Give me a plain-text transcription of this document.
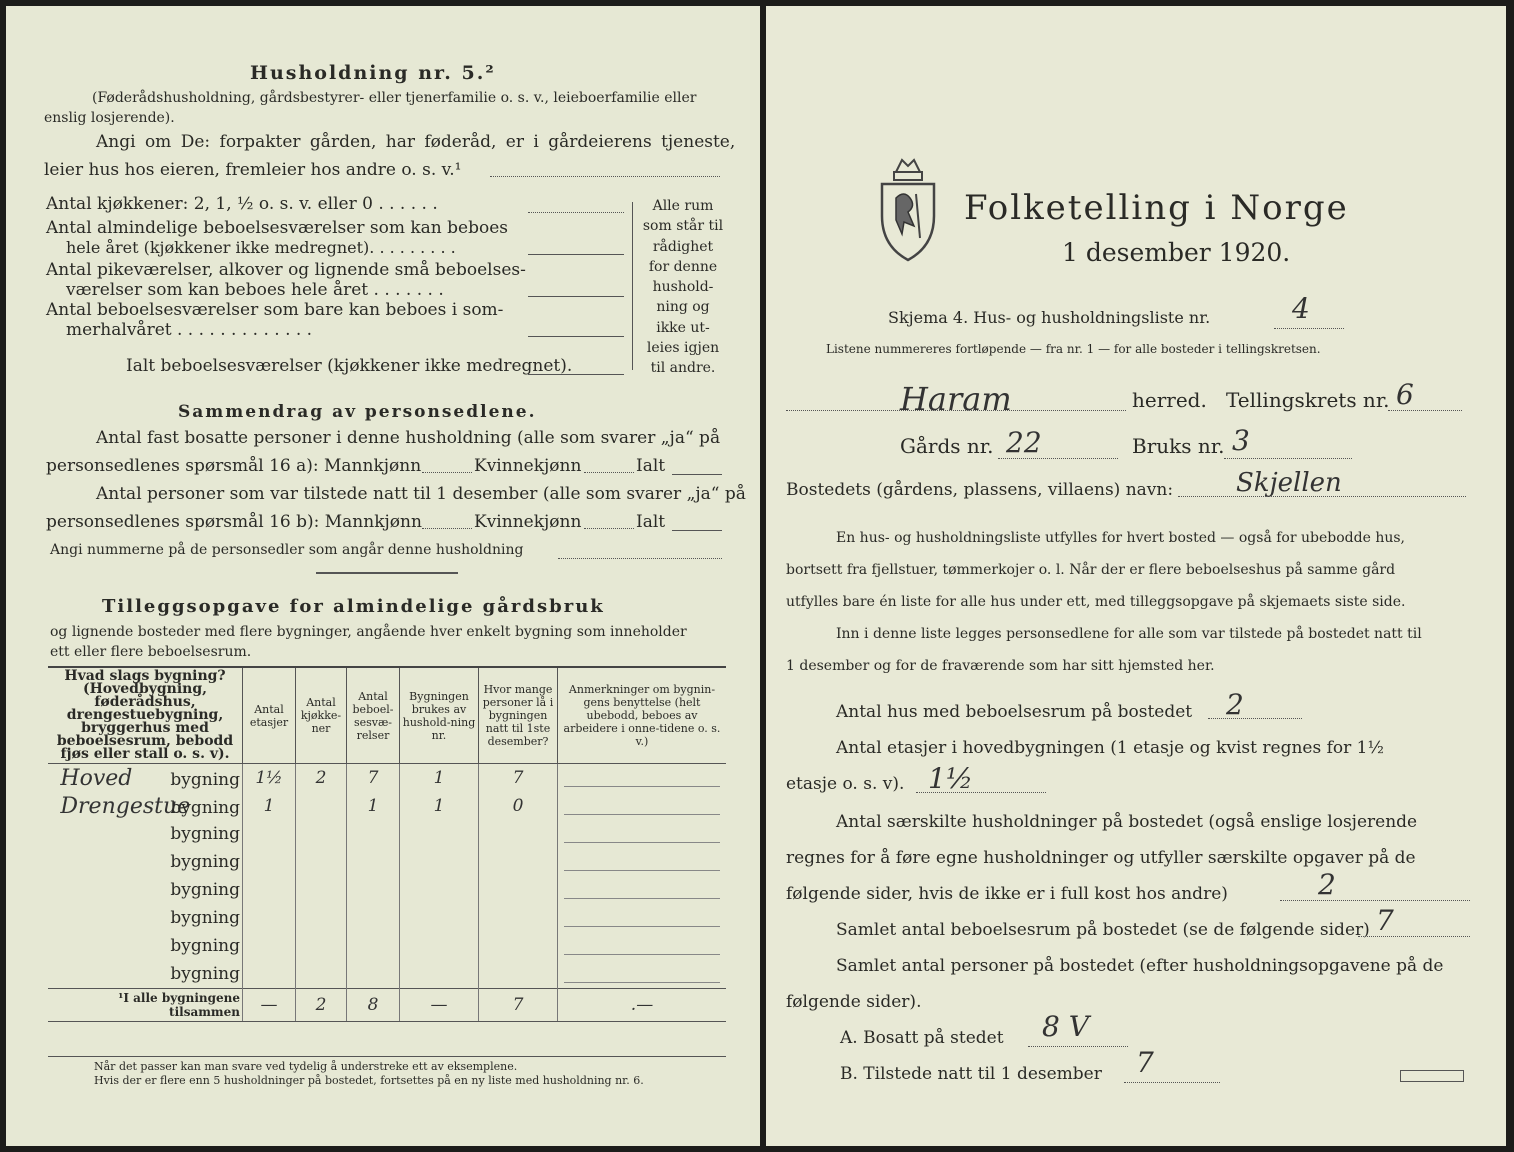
Husholdning nr. 5.²
(Føderådshusholdning, gårdsbestyrer- eller tjenerfamilie o. s. v., leieboerfamilie eller
enslig losjerende).
Angi om De: forpakter gården, har føderåd, er i gårdeierens tjeneste,
leier hus hos eieren, fremleier hos andre o. s. v.¹
Antal kjøkkener: 2, 1, ½ o. s. v. eller 0 . . . . . .
Antal almindelige beboelsesværelser som kan beboes
hele året (kjøkkener ikke medregnet). . . . . . . . .
Antal pikeværelser, alkover og lignende små beboelses-
værelser som kan beboes hele året . . . . . . .
Antal beboelsesværelser som bare kan beboes i som-
merhalvåret . . . . . . . . . . . . .
Ialt beboelsesværelser (kjøkkener ikke medregnet).
Alle rum
som står til
rådighet
for denne
hushold-
ning og
ikke ut-
leies igjen
til andre.
Sammendrag av personsedlene.
Antal fast bosatte personer i denne husholdning (alle som svarer „ja“ på
personsedlenes spørsmål 16 a): Mannkjønn	Kvinnekjønn	Ialt
Antal personer som var tilstede natt til 1 desember (alle som svarer „ja“ på
personsedlenes spørsmål 16 b): Mannkjønn	Kvinnekjønn	Ialt
Angi nummerne på de personsedler som angår denne husholdning
Tilleggsopgave for almindelige gårdsbruk
og lignende bosteder med flere bygninger, angående hver enkelt bygning som inneholder
ett eller flere beboelsesrum.
Hvad slags bygning? (Hovedbygning, føderådshus, drengestuebygning, bryggerhus med beboelsesrum, bebodd fjøs eller stall o. s. v).	Antal etasjer	Antal kjøkke-ner	Antal beboel-sesvæ-relser	Bygningen brukes av hushold-ning nr.	Hvor mange personer lå i bygningen natt til 1ste desember?	Anmerkninger om bygnin-gens benyttelse (helt ubebodd, beboes av arbeidere i onne-tidene o. s. v.)
Hoved bygning	1½	2	7	1	7	

Drengestuebygning	1		1	1	0	

bygning						

bygning						

bygning						

bygning						

bygning						

bygning						

¹I alle bygningene tilsammen	—	2	8	—	7	.—
Når det passer kan man svare ved tydelig å understreke ett av eksemplene.
Hvis der er flere enn 5 husholdninger på bostedet, fortsettes på en ny liste med husholdning nr. 6.
Folketelling i Norge
1 desember 1920.
Skjema 4. Hus- og husholdningsliste nr.	4
Listene nummereres fortløpende — fra nr. 1 — for alle bosteder i tellingskretsen.
Haram	herred. Tellingskrets nr. 6
Gårds nr. 22	Bruks nr. 3
Bostedets (gårdens, plassens, villaens) navn: Skjellen
En hus- og husholdningsliste utfylles for hvert bosted — også for ubebodde hus,
bortsett fra fjellstuer, tømmerkojer o. l. Når der er flere beboelseshus på samme gård
utfylles bare én liste for alle hus under ett, med tilleggsopgave på skjemaets siste side.
Inn i denne liste legges personsedlene for alle som var tilstede på bostedet natt til
1 desember og for de fraværende som har sitt hjemsted her.
Antal hus med beboelsesrum på bostedet 2
Antal etasjer i hovedbygningen (1 etasje og kvist regnes for 1½
etasje o. s. v). 1½
Antal særskilte husholdninger på bostedet (også enslige losjerende
regnes for å føre egne husholdninger og utfyller særskilte opgaver på de
følgende sider, hvis de ikke er i full kost hos andre)	2
Samlet antal beboelsesrum på bostedet (se de følgende sider) 7
Samlet antal personer på bostedet (efter husholdningsopgavene på de
følgende sider).
A. Bosatt på stedet 8 V
B. Tilstede natt til 1 desember 7
